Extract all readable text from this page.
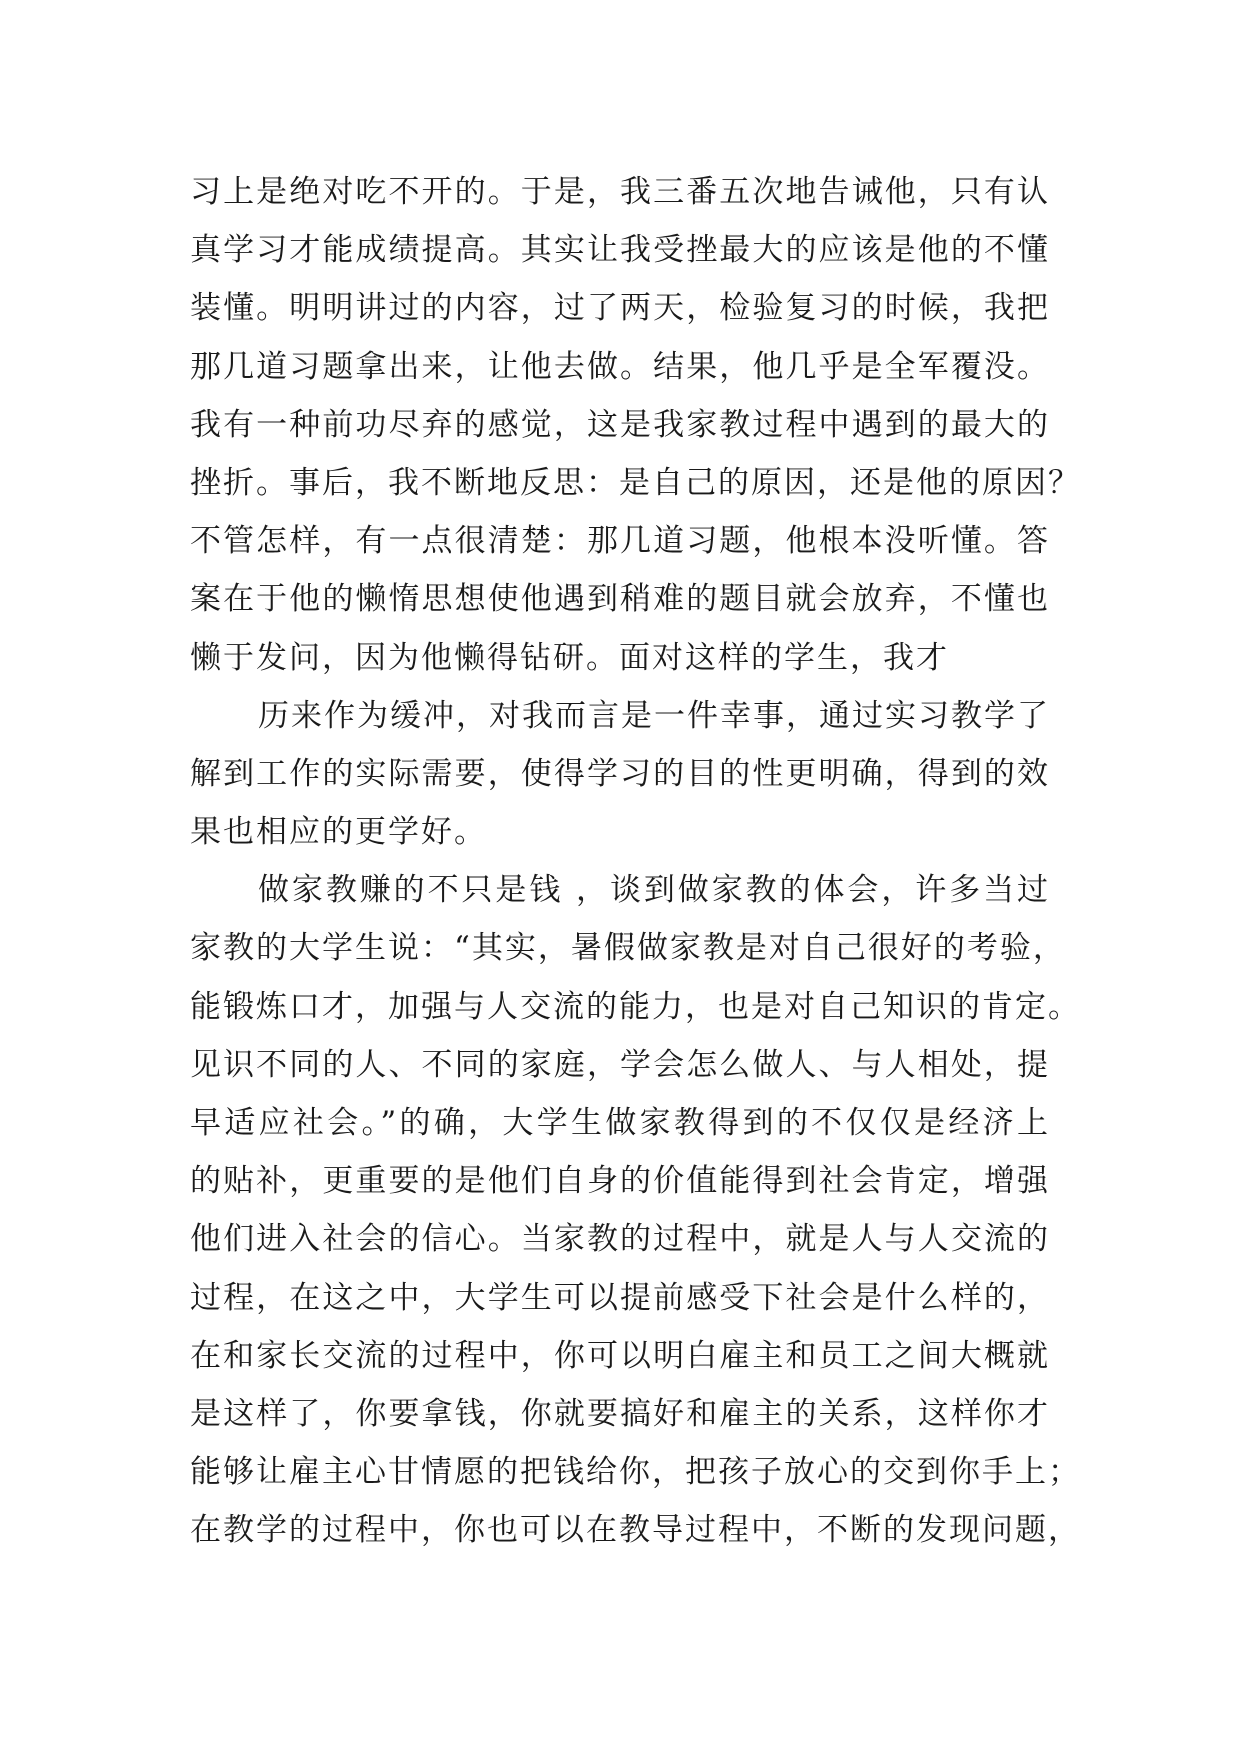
习上是绝对吃不开的。于是，我三番五次地告诫他，只有认
真学习才能成绩提高。其实让我受挫最大的应该是他的不懂
装懂。明明讲过的内容，过了两天，检验复习的时候，我把
那几道习题拿出来，让他去做。结果，他几乎是全军覆没。
我有一种前功尽弃的感觉，这是我家教过程中遇到的最大的
挫折。事后，我不断地反思：是自己的原因，还是他的原因？
不管怎样，有一点很清楚：那几道习题，他根本没听懂。答
案在于他的懒惰思想使他遇到稍难的题目就会放弃，不懂也
懒于发问，因为他懒得钻研。面对这样的学生，我才
历来作为缓冲，对我而言是一件幸事，通过实习教学了
解到工作的实际需要，使得学习的目的性更明确，得到的效
果也相应的更学好。
做家教赚的不只是钱 ，谈到做家教的体会，许多当过
家教的大学生说：“其实，暑假做家教是对自己很好的考验，
能锻炼口才，加强与人交流的能力，也是对自己知识的肯定。
见识不同的人、不同的家庭，学会怎么做人、与人相处，提
早适应社会。”的确，大学生做家教得到的不仅仅是经济上
的贴补，更重要的是他们自身的价值能得到社会肯定，增强
他们进入社会的信心。当家教的过程中，就是人与人交流的
过程，在这之中，大学生可以提前感受下社会是什么样的，
在和家长交流的过程中，你可以明白雇主和员工之间大概就
是这样了，你要拿钱，你就要搞好和雇主的关系，这样你才
能够让雇主心甘情愿的把钱给你，把孩子放心的交到你手上；
在教学的过程中，你也可以在教导过程中，不断的发现问题，
